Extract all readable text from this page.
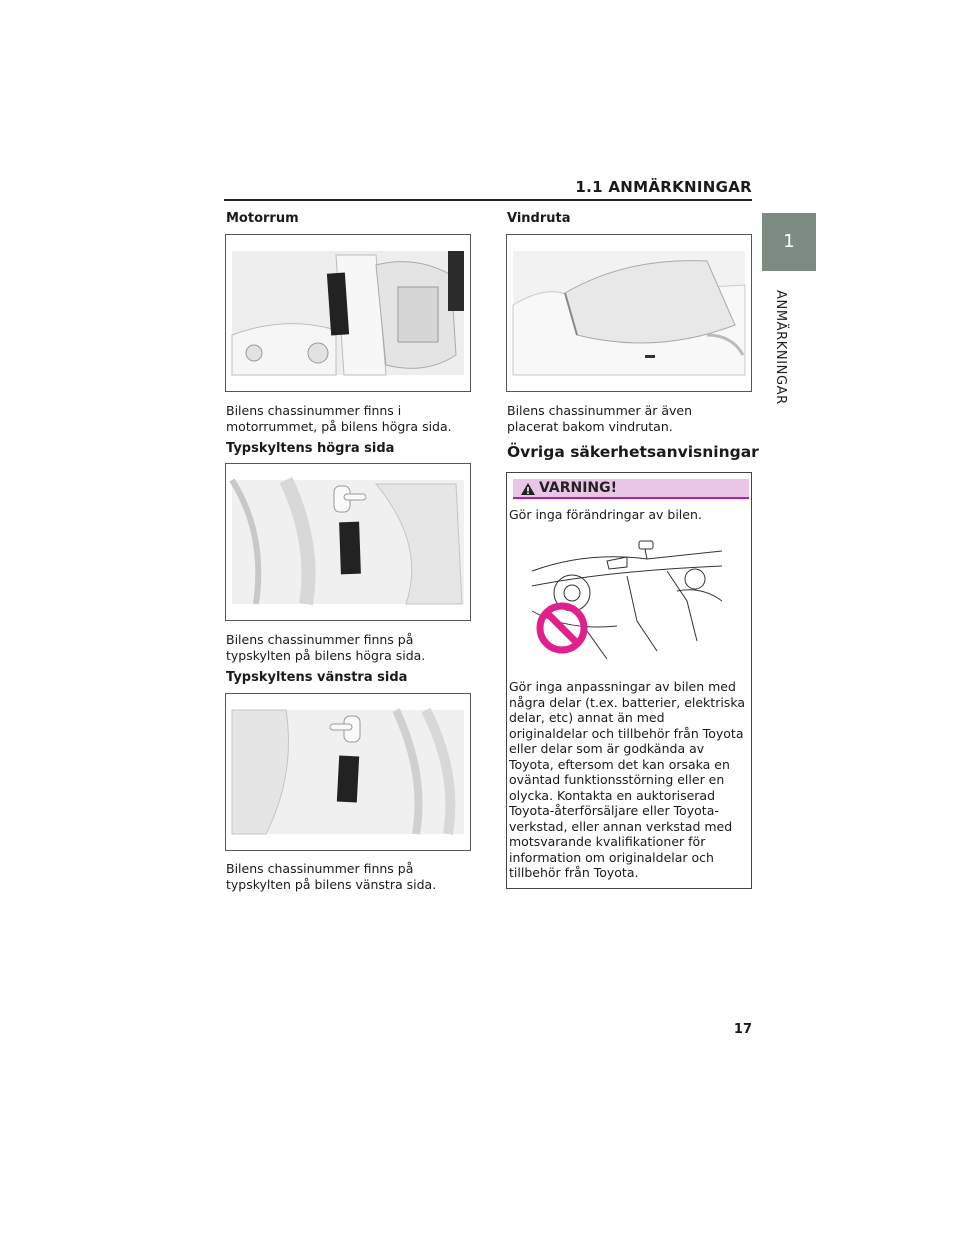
1.1 ANMÄRKNINGAR
1
ANMÄRKNINGAR
Motorrum
Bilens chassinummer finns i motorrummet, på bilens högra sida.
Typskyltens högra sida
Bilens chassinummer finns på typskylten på bilens högra sida.
Typskyltens vänstra sida
Bilens chassinummer finns på typskylten på bilens vänstra sida.
Vindruta
Bilens chassinummer är även placerat bakom vindrutan.
Övriga säkerhetsanvisningar
VARNING!
Gör inga förändringar av bilen.
Gör inga anpassningar av bilen med några delar (t.ex. batterier, elektriska delar, etc) annat än med originaldelar och tillbehör från Toyota eller delar som är godkända av Toyota, eftersom det kan orsaka en oväntad funktionsstörning eller en olycka. Kontakta en auktoriserad Toyota-återförsäljare eller Toyota-verkstad, eller annan verkstad med motsvarande kvalifikationer för information om originaldelar och tillbehör från Toyota.
17
